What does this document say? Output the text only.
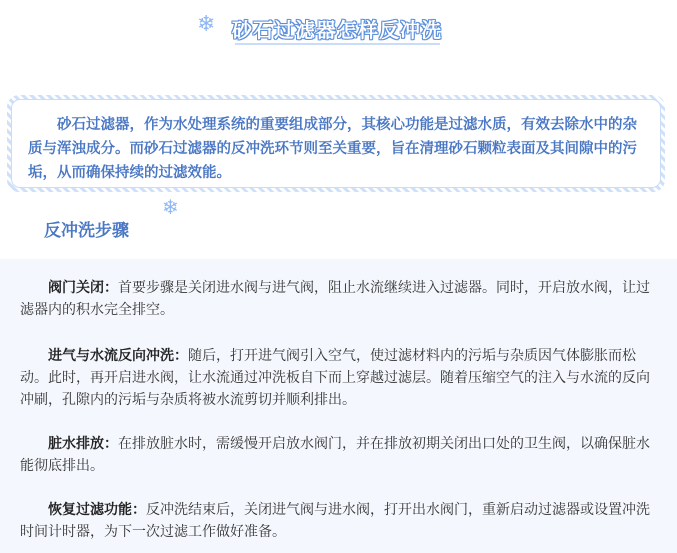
❄ 砂石过滤器怎样反冲洗

砂石过滤器，作为水处理系统的重要组成部分，其核心功能是过滤水质，有效去除水中的杂质与浑浊成分。而砂石过滤器的反冲洗环节则至关重要，旨在清理砂石颗粒表面及其间隙中的污垢，从而确保持续的过滤效能。

❄
反冲洗步骤

阀门关闭：首要步骤是关闭进水阀与进气阀，阻止水流继续进入过滤器。同时，开启放水阀，让过滤器内的积水完全排空。

进气与水流反向冲洗：随后，打开进气阀引入空气，使过滤材料内的污垢与杂质因气体膨胀而松动。此时，再开启进水阀，让水流通过冲洗板自下而上穿越过滤层。随着压缩空气的注入与水流的反向冲刷，孔隙内的污垢与杂质将被水流剪切并顺利排出。

脏水排放：在排放脏水时，需缓慢开启放水阀门，并在排放初期关闭出口处的卫生阀，以确保脏水能彻底排出。

恢复过滤功能：反冲洗结束后，关闭进气阀与进水阀，打开出水阀门，重新启动过滤器或设置冲洗时间计时器，为下一次过滤工作做好准备。
